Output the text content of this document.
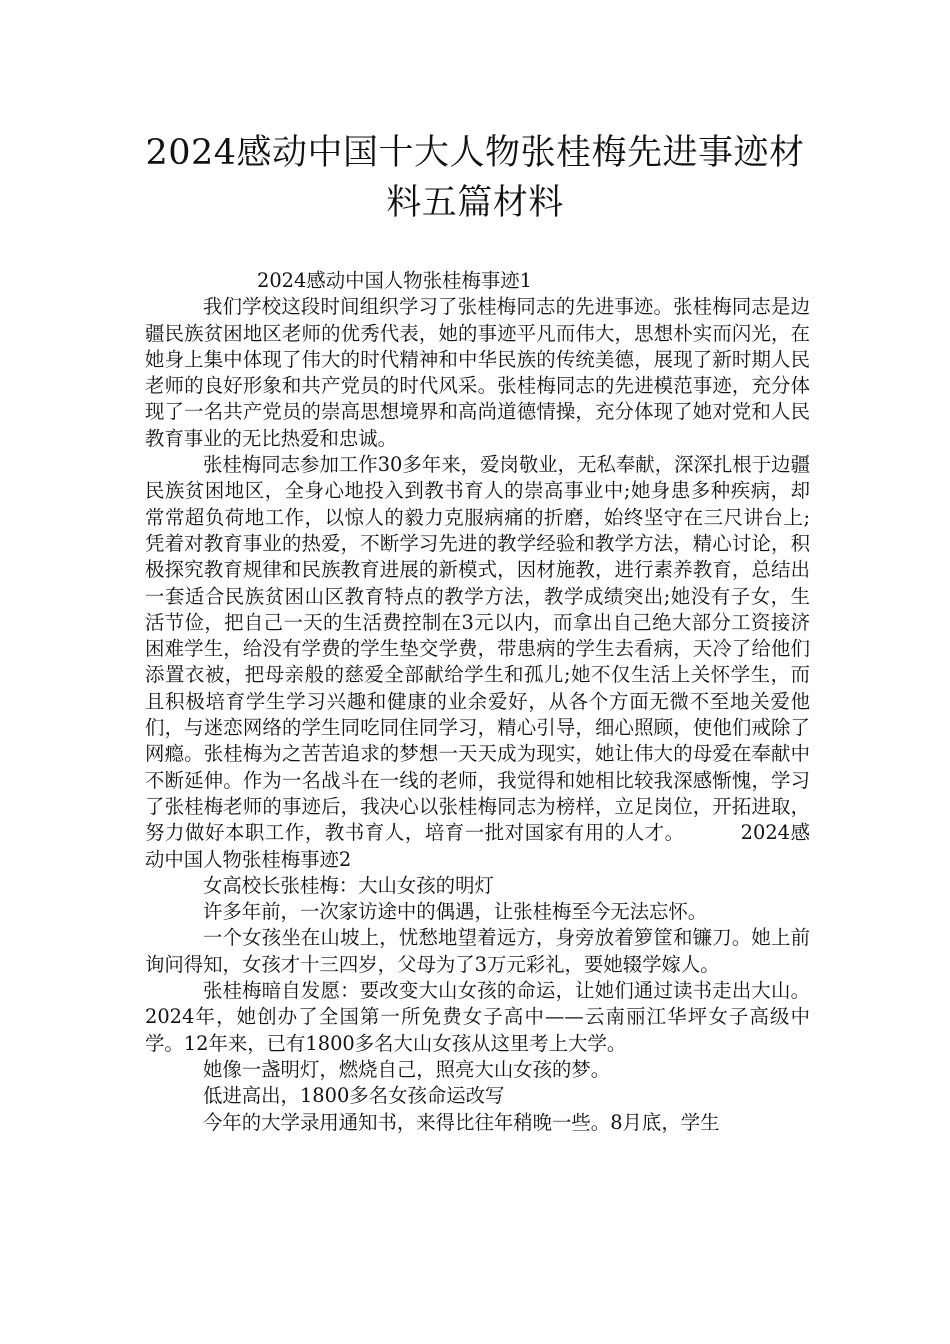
2024感动中国十大人物张桂梅先进事迹材料五篇材料

2024感动中国人物张桂梅事迹1

我们学校这段时间组织学习了张桂梅同志的先进事迹。张桂梅同志是边疆民族贫困地区老师的优秀代表，她的事迹平凡而伟大，思想朴实而闪光，在她身上集中体现了伟大的时代精神和中华民族的传统美德，展现了新时期人民老师的良好形象和共产党员的时代风采。张桂梅同志的先进模范事迹，充分体现了一名共产党员的崇高思想境界和高尚道德情操，充分体现了她对党和人民教育事业的无比热爱和忠诚。

张桂梅同志参加工作30多年来，爱岗敬业，无私奉献，深深扎根于边疆民族贫困地区，全身心地投入到教书育人的崇高事业中;她身患多种疾病，却常常超负荷地工作，以惊人的毅力克服病痛的折磨，始终坚守在三尺讲台上;凭着对教育事业的热爱，不断学习先进的教学经验和教学方法，精心讨论，积极探究教育规律和民族教育进展的新模式，因材施教，进行素养教育，总结出一套适合民族贫困山区教育特点的教学方法，教学成绩突出;她没有子女，生活节俭，把自己一天的生活费控制在3元以内，而拿出自己绝大部分工资接济困难学生，给没有学费的学生垫交学费，带患病的学生去看病，天冷了给他们添置衣被，把母亲般的慈爱全部献给学生和孤儿;她不仅生活上关怀学生，而且积极培育学生学习兴趣和健康的业余爱好，从各个方面无微不至地关爱他们，与迷恋网络的学生同吃同住同学习，精心引导，细心照顾，使他们戒除了网瘾。张桂梅为之苦苦追求的梦想一天天成为现实，她让伟大的母爱在奉献中不断延伸。作为一名战斗在一线的老师，我觉得和她相比较我深感惭愧，学习了张桂梅老师的事迹后，我决心以张桂梅同志为榜样，立足岗位，开拓进取，努力做好本职工作，教书育人，培育一批对国家有用的人才。	2024感动中国人物张桂梅事迹2

女高校长张桂梅：大山女孩的明灯

许多年前，一次家访途中的偶遇，让张桂梅至今无法忘怀。

一个女孩坐在山坡上，忧愁地望着远方，身旁放着箩筐和镰刀。她上前询问得知，女孩才十三四岁，父母为了3万元彩礼，要她辍学嫁人。

张桂梅暗自发愿：要改变大山女孩的命运，让她们通过读书走出大山。2024年，她创办了全国第一所免费女子高中——云南丽江华坪女子高级中学。12年来，已有1800多名大山女孩从这里考上大学。

她像一盏明灯，燃烧自己，照亮大山女孩的梦。

低进高出，1800多名女孩命运改写

今年的大学录用通知书，来得比往年稍晚一些。8月底，学生
